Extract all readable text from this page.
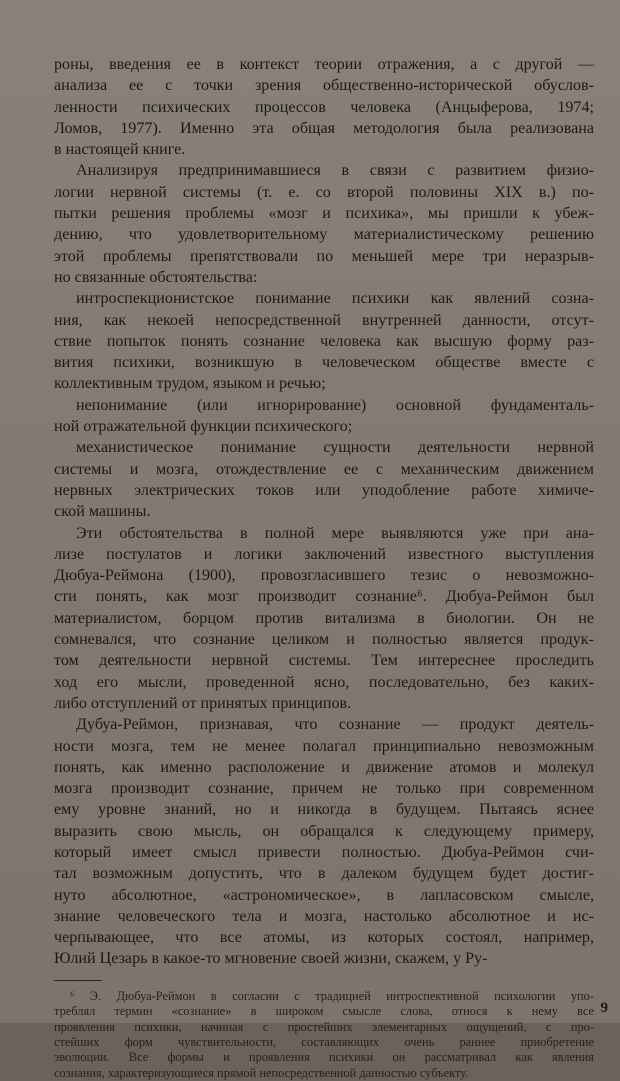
роны, введения ее в контекст теории отражения, а с другой —
анализа ее с точки зрения общественно-исторической обуслов-
ленности психических процессов человека (Анцыферова, 1974;
Ломов, 1977). Именно эта общая методология была реализована
в настоящей книге.
Анализируя предпринимавшиеся в связи с развитием физио-
логии нервной системы (т. е. со второй половины XIX в.) по-
пытки решения проблемы «мозг и психика», мы пришли к убеж-
дению, что удовлетворительному материалистическому решению
этой проблемы препятствовали по меньшей мере три неразрыв-
но связанные обстоятельства:
интроспекционистское понимание психики как явлений созна-
ния, как некоей непосредственной внутренней данности, отсут-
ствие попыток понять сознание человека как высшую форму раз-
вития психики, возникшую в человеческом обществе вместе с
коллективным трудом, языком и речью;
непонимание (или игнорирование) основной фундаменталь-
ной отражательной функции психического;
механистическое понимание сущности деятельности нервной
системы и мозга, отождествление ее с механическим движением
нервных электрических токов или уподобление работе химиче-
ской машины.
Эти обстоятельства в полной мере выявляются уже при ана-
лизе постулатов и логики заключений известного выступления
Дюбуа-Реймона (1900), провозгласившего тезис о невозможно-
сти понять, как мозг производит сознание⁶. Дюбуа-Реймон был
материалистом, борцом против витализма в биологии. Он не
сомневался, что сознание целиком и полностью является продук-
том деятельности нервной системы. Тем интереснее проследить
ход его мысли, проведенной ясно, последовательно, без каких-
либо отступлений от принятых принципов.
Дубуа-Реймон, признавая, что сознание — продукт деятель-
ности мозга, тем не менее полагал принципиально невозможным
понять, как именно расположение и движение атомов и молекул
мозга производит сознание, причем не только при современном
ему уровне знаний, но и никогда в будущем. Пытаясь яснее
выразить свою мысль, он обращался к следующему примеру,
который имеет смысл привести полностью. Дюбуа-Реймон счи-
тал возможным допустить, что в далеком будущем будет достиг-
нуто абсолютное, «астрономическое», в лапласовском смысле,
знание человеческого тела и мозга, настолько абсолютное и ис-
черпывающее, что все атомы, из которых состоял, например,
Юлий Цезарь в какое-то мгновение своей жизни, скажем, у Ру-
⁶ Э. Дюбуа-Реймон в согласии с традицией интроспективной психологии упо-
треблял термин «сознание» в широком смысле слова, относя к нему все
проявления психики, начиная с простейших элементарных ощущений, с про-
стейших форм чувствительности, составляющих очень раннее приобретение
эволюции. Все формы и проявления психики он рассматривал как явления
сознания, характеризующиеся прямой непосредственной данностью субъекту.
9
